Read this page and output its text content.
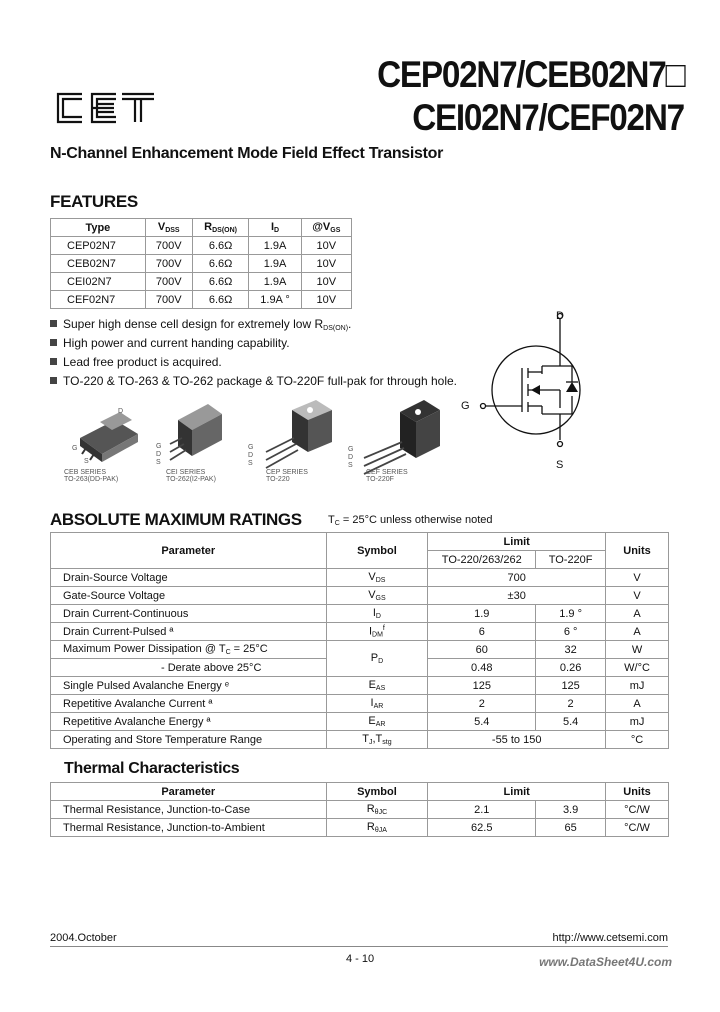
CET	CEP02N7/CEB02N7□
CEI02N7/CEF02N7
N-Channel Enhancement Mode Field Effect Transistor
FEATURES
Type	$V_{DSS}$	$R_{DS(ON)}$	$I_D$	$@V_{GS}$
CEP02N7	700V	6.6Ω	1.9A	10V
CEB02N7	700V	6.6Ω	1.9A	10V
CEI02N7	700V	6.6Ω	1.9A	10V
CEF02N7	700V	6.6Ω	1.9A °	10V
Super high dense cell design for extremely low $R_{DS(ON)}$.
High power and current handing capability.
Lead free product is acquired.
TO-220 & TO-263 & TO-262 package & TO-220F full-pak for through hole.
D
G
S
G
D
S
G
D
S
G
D
S
CEB SERIES
TO-263(DD-PAK)
CEI SERIES
TO-262(I2-PAK)
CEP SERIES
TO-220
CEF SERIES
TO-220F
D
G
S
ABSOLUTE MAXIMUM RATINGS $T_C = 25^\circ C$ unless otherwise noted
Parameter	Symbol	Limit		Units
		TO-220/263/262	TO-220F	
Drain-Source Voltage	$V_{DS}$	700		V
Gate-Source Voltage	$V_{GS}$	±30		V
Drain Current-Continuous	$I_D$	1.9	1.9 °	A
Drain Current-Pulsed ª	$I_{DM}^f$	6	6 °	A
Maximum Power Dissipation @ $T_C = 25^\circ C$	$P_D$	60	32	W
- Derate above 25°C		0.48	0.26	W/°C
Single Pulsed Avalanche Energy ᵉ	$E_{AS}$	125	125	mJ
Repetitive Avalanche Current ª	$I_{AR}$	2	2	A
Repetitive Avalanche Energy ª	$E_{AR}$	5.4	5.4	mJ
Operating and Store Temperature Range	$T_J,T_{stg}$	-55 to 150		°C
Thermal Characteristics
Parameter	Symbol	Limit		Units
Thermal Resistance, Junction-to-Case	$R_{\theta JC}$	2.1	3.9	°C/W
Thermal Resistance, Junction-to-Ambient	$R_{\theta JA}$	62.5	65	°C/W
2004.October	http://www.cetsemi.com
4 - 10	www.DataSheet4U.com
